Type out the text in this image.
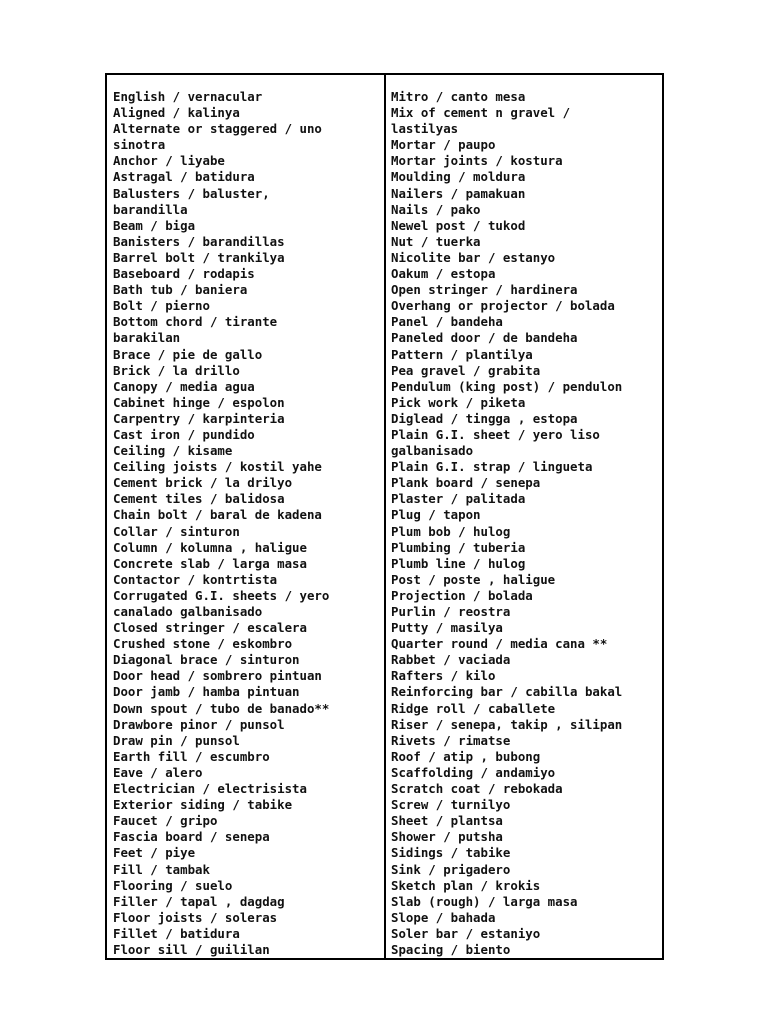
English / vernacular

Aligned / kalinya

Alternate or staggered / uno
sinotra

Anchor / liyabe

Astragal / batidura

Balusters / baluster,
barandilla

Beam / biga

Banisters / barandillas

Barrel bolt / trankilya

Baseboard / rodapis

Bath tub / baniera

Bolt / pierno

Bottom chord / tirante
barakilan

Brace / pie de gallo

Brick / la drillo

Canopy / media agua

Cabinet hinge / espolon

Carpentry / karpinteria

Cast iron / pundido

Ceiling / kisame

Ceiling joists / kostil yahe

Cement brick / la drilyo

Cement tiles / balidosa

Chain bolt / baral de kadena

Collar / sinturon

Column / kolumna , haligue

Concrete slab / larga masa

Contactor / kontrtista

Corrugated G.I. sheets / yero
canalado galbanisado

Closed stringer / escalera

Crushed stone / eskombro

Diagonal brace / sinturon

Door head / sombrero pintuan

Door jamb / hamba pintuan

Down spout / tubo de banado**

Drawbore pinor / punsol

Draw pin / punsol

Earth fill / escumbro

Eave / alero

Electrician / electrisista

Exterior siding / tabike

Faucet / gripo

Fascia board / senepa

Feet / piye

Fill / tambak

Flooring / suelo

Filler / tapal , dagdag

Floor joists / soleras

Fillet / batidura

Floor sill / guililan

Mitro / canto mesa

Mix of cement n gravel /
lastilyas

Mortar / paupo

Mortar joints / kostura

Moulding / moldura

Nailers / pamakuan

Nails / pako

Newel post / tukod

Nut / tuerka

Nicolite bar / estanyo

Oakum / estopa

Open stringer / hardinera

Overhang or projector / bolada

Panel / bandeha

Paneled door / de bandeha

Pattern / plantilya

Pea gravel / grabita

Pendulum (king post) / pendulon

Pick work / piketa

Diglead / tingga , estopa

Plain G.I. sheet / yero liso
galbanisado

Plain G.I. strap / lingueta

Plank board / senepa

Plaster / palitada

Plug / tapon

Plum bob / hulog

Plumbing / tuberia

Plumb line / hulog

Post / poste , haligue

Projection / bolada

Purlin / reostra

Putty / masilya

Quarter round / media cana **

Rabbet / vaciada

Rafters / kilo

Reinforcing bar / cabilla bakal

Ridge roll / caballete

Riser / senepa, takip , silipan

Rivets / rimatse

Roof / atip , bubong

Scaffolding / andamiyo

Scratch coat / rebokada

Screw / turnilyo

Sheet / plantsa

Shower / putsha

Sidings / tabike

Sink / prigadero

Sketch plan / krokis

Slab (rough) / larga masa

Slope / bahada

Soler bar / estaniyo

Spacing / biento
